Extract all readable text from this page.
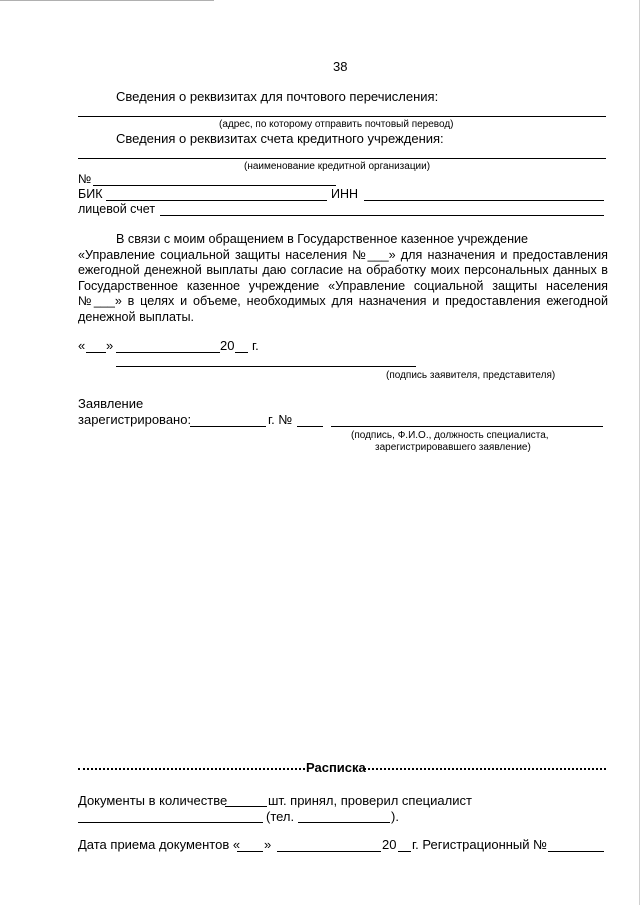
38
Сведения о реквизитах для почтового перечисления:
(адрес, по которому отправить почтовый перевод)
Сведения о реквизитах счета кредитного учреждения:
(наименование кредитной организации)
№
БИК	ИНН
лицевой счет
В связи с моим обращением в Государственное казенное учреждение
«Управление социальной защиты населения №___» для назначения и предоставления
ежегодной денежной выплаты даю согласие на обработку моих персональных данных в
Государственное казенное учреждение «Управление социальной защиты населения
№___» в целях и объеме, необходимых для назначения и предоставления ежегодной
денежной выплаты.
« »	20 г.
(подпись заявителя, представителя)
Заявление
зарегистрировано:	г. №
(подпись, Ф.И.О., должность специалиста,
зарегистрировавшего заявление)
Расписка
Документы в количестве	шт. принял, проверил специалист
(тел.	).
Дата приема документов « »	20 г. Регистрационный №
